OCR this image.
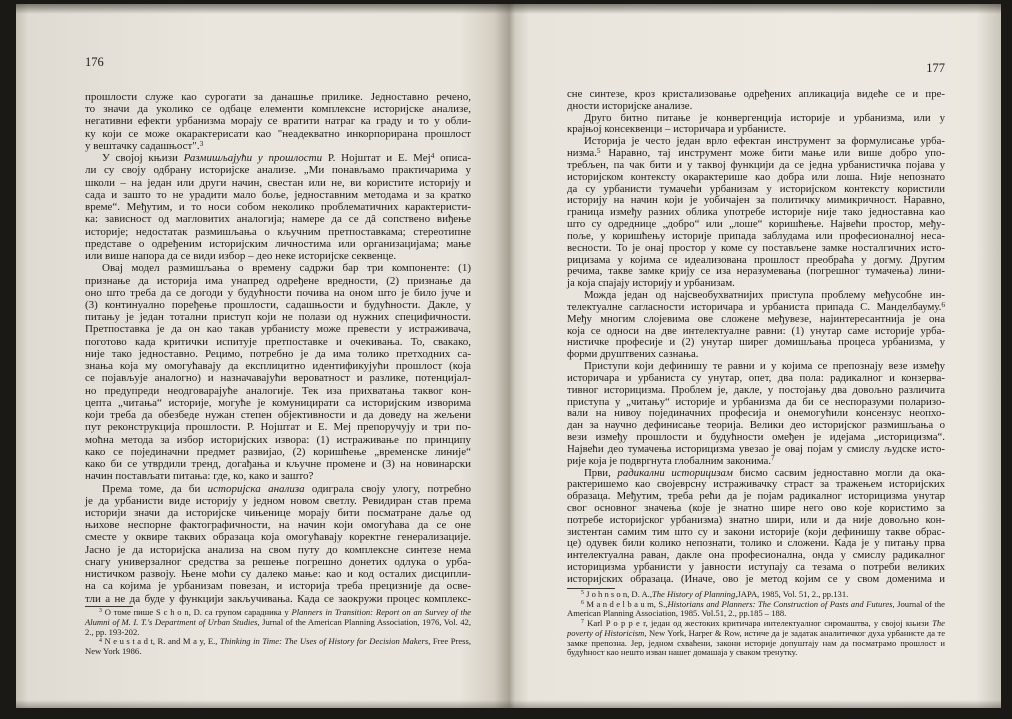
176
прошлости служе као сурогати за данашње прилике. Једноставно речено,
то значи да уколико се одбаце елементи комплексне историјске анализе,
негативни ефекти урбанизма морају се вратити натраг ка граду и то у обли-
ку који се може окарактерисати као "неадекватно инкорпорирана прошлост
у вештачку садашњост".$^3$
У својој књизи Размишљајући у прошлости Р. Нојштат и Е. Меј$^4$ описа-
ли су своју одбрану историјске анализе. „Ми понављамо практичарима у
школи – на један или други начин, свестан или не, ви користите историју и
сада и зашто то не урадити мало боље, једноставним методама и за кратко
време“. Међутим, и то носи собом неколико проблематичних карактеристи-
ка: зависност од магловитих аналогија; намере да се дâ сопствено виђење
историје; недостатак размишљања о кључним претпоставкама; стереотипне
представе о одређеним историјским личностима или организацијама; мање
или више напора да се види избор – део неке историјске секвенце.
Овај модел размишљања о времену садржи бар три компоненте: (1)
признање да историја има унапред одређене вредности, (2) признање да
оно што треба да се догоди у будућности почива на оном што је било јуче и
(3) континуално поређење прошлости, садашњости и будућности. Дакле, у
питању је један тотални приступ који не полази од нужних специфичности.
Претпоставка је да он као такав урбанисту може превести у истраживача,
поготово када критички испитује претпоставке и очекивања. То, свакако,
није тако једноставно. Рецимо, потребно је да има толико претходних са-
знања која му омогућавају да експлицитно идентификујући прошлост (која
се појављује аналогно) и назначавајући вероватност и разлике, потенцијал-
но предупреди неодговарајуће аналогије. Тек иза прихватања таквог кон-
цепта „читања“ историје, могуће је комуницирати са историјским изворима
који треба да обезбеде нужан степен објективности и да доведу на жељени
пут реконструкција прошлости. Р. Нојштат и Е. Меј препоручују и три по-
моћна метода за избор историјских извора: (1) истраживање по принципу
како се појединачни предмет развијао, (2) коришћење „временске линије“
како би се утврдили тренд, догађања и кључне промене и (3) на новинарски
начин постављати питања: где, ко, како и зашто?
Према томе, да би историјска анализа одиграла своју улогу, потребно
је да урбанисти виде историју у једном новом светлу. Ревидиран став према
историји значи да историјске чињенице морају бити посматране даље од
њихове неспорне фактографичности, на начин који омогућава да се оне
сместе у оквире таквих образаца која омогућавају коректне генерализације.
Јасно је да историјска анализа на свом путу до комплексне синтезе нема
снагу универзалног средства за решење погрешно донетих одлука о урба-
нистичком развоју. Њене моћи су далеко мање: као и код осталих дисципли-
на са којима је урбанизам повезан, и историја треба прецизније да осве-
тли а не да буде у функцији закључивања. Када се заокружи процес комплекс-
$^3$ О томе пише S c h o n, D. са групом сарадника у Planners in Transition: Report on an Survey of the Alumni of M. I. T.'s Department of Urban Studies, Jurnal of the American Planning Association, 1976, Vol. 42, 2., pp. 193-202.
$^4$ N e u s t a d t, R. and M a y, E., Thinking in Time: The Uses of History for Decision Makers, Free Press, New York 1986.
177
сне синтезе, кроз кристализовање одређених апликација видеће се и пре-
дности историјске анализе.
Друго битно питање је конвергенција историје и урбанизма, или у
крајњој консеквенци – историчара и урбанисте.
Историја је често један врло ефектан инструмент за формулисање урба-
низма.$^5$ Наравно, тај инструмент може бити мање или више добро упо-
требљен, па чак бити и у таквој функцији да се једна урбанистичка појава у
историјском контексту окарактерише као добра или лоша. Није непознато
да су урбанисти тумачећи урбанизам у историјском контексту користили
историју на начин који је уобичајен за политичку мимикричност. Наравно,
граница између разних облика употребе историје није тако једноставна као
што су одреднице „добро“ или „лоше“ коришћење. Највећи простор, међу-
поље, у коришћењу историје припада заблудама или професионалној неса-
весности. То је онај простор у коме су постављене замке носталгичних исто-
рицизама у којима се идеализована прошлост преобраћа у догму. Другим
речима, такве замке крију се иза неразумевања (погрешног тумачења) лини-
ја која спајају историју и урбанизам.
Можда један од најсвеобухватнијих приступа проблему међусобне ин-
телектуалне сагласности историчара и урбаниста припада С. Манделбауму.$^6$
Међу многим слојевима ове сложене међувезе, најинтересантнија је она
која се односи на две интелектуалне равни: (1) унутар саме историје урба-
нистичке професије и (2) унутар ширег домишљања процеса урбанизма, у
форми друштвених сазнања.
Приступи који дефинишу те равни и у којима се препознају везе између
историчара и урбаниста су унутар, опет, два пола: радикалног и конзерва-
тивног историцизма. Проблем је, дакле, у постојању два довољно различита
приступа у „читању“ историје и урбанизма да би се неспоразуми поларизо-
вали на нивоу појединачних професија и онемогућили консензус неопхо-
дан за научно дефинисање теорија. Велики део историјског размишљања о
вези између прошлости и будућности омеђен је идејама „историцизма“.
Највећи део тумачења историцизма увезао је овај појам у смислу људске исто-
рије која је подвргнута глобалним законима.$^7$
Први, радикални историцизам бисмо сасвим једноставно могли да ока-
рактеришемо као својеврсну истраживачку страст за тражењем историјских
образаца. Међутим, треба рећи да је појам радикалног историцизма унутар
свог основног значења (које је знатно шире него ово које користимо за
потребе историјског урбанизма) знатно шири, или и да није довољно кон-
зистентан самим тим што су и закони историје (који дефинишу такве обрас-
це) одувек били колико непознати, толико и сложени. Када је у питању прва
интелектуална раван, дакле она професионална, онда у смислу радикалног
историцизма урбанисти у јавности иступају са тезама о потреби великих
историјских образаца. (Иначе, ово је метод којим се у свом доменима и
$^5$ J o h n s o n, D. A.,The History of Planning,JAPA, 1985, Vol. 51, 2., pp.131.
$^6$ M a n d e l b a u m, S.,Historians and Planners: The Construction of Pasts and Futures, Journal of the American Planning Association, 1985. Vol.51, 2., pp.185 – 188.
$^7$ Karl P o p p e r, један од жестоких критичара интелектуалног сиромаштва, у својој књизи The poverty of Historicism, New York, Harper & Row, истиче да је задатак аналитичког духа урбанисте да те замке препозна. Јер, једном схваћени, закони историје допуштају нам да посматрамо прошлост и будућност као нешто изван нашег домашаја у сваком тренутку.
